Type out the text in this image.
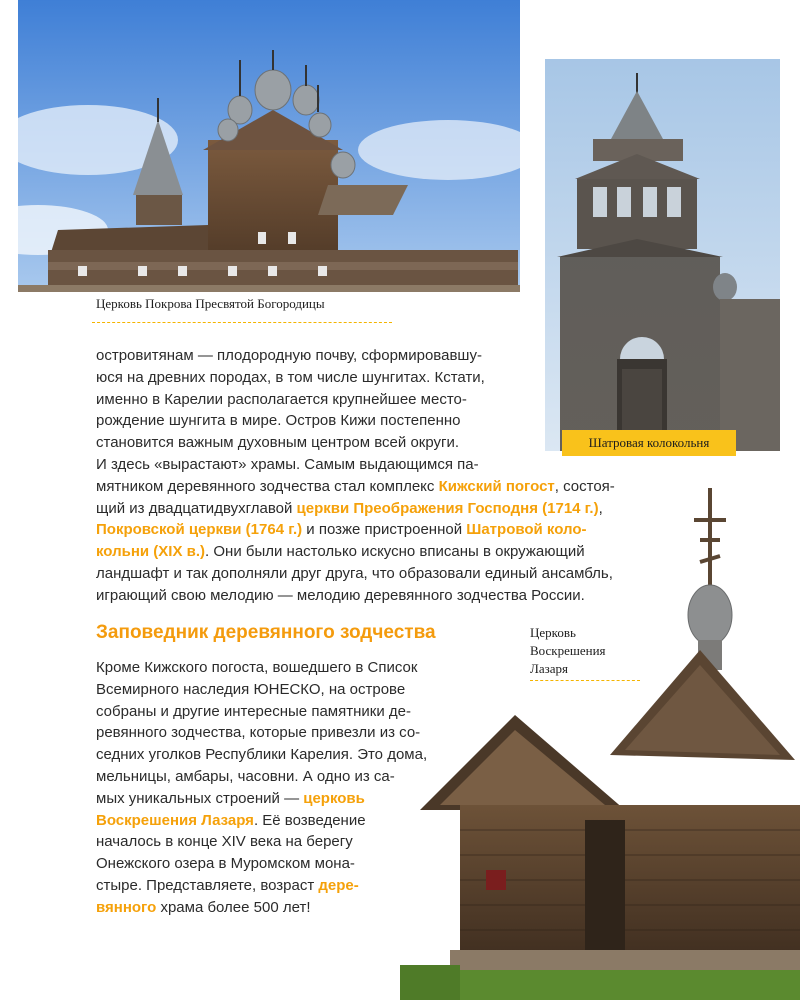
Церковь Покрова Пресвятой Богородицы
Шатровая колокольня
островитянам — плодородную почву, сформировавшу-
юся на древних породах, в том числе шунгитах. Кстати,
именно в Карелии располагается крупнейшее место-
рождение шунгита в мире. Остров Кижи постепенно
становится важным духовным центром всей округи.
И здесь «вырастают» храмы. Самым выдающимся па-
мятником деревянного зодчества стал комплекс Кижский погост, состоя-
щий из двадцатидвухглавой церкви Преображения Господня (1714 г.),
Покровской церкви (1764 г.) и позже пристроенной Шатровой коло-
кольни (XIX в.). Они были настолько искусно вписаны в окружающий
ландшафт и так дополняли друг друга, что образовали единый ансамбль,
играющий свою мелодию — мелодию деревянного зодчества России.
Заповедник деревянного зодчества
Кроме Кижского погоста, вошедшего в Список
Всемирного наследия ЮНЕСКО, на острове
собраны и другие интересные памятники де-
ревянного зодчества, которые привезли из со-
седних уголков Республики Карелия. Это дома,
мельницы, амбары, часовни. А одно из са-
мых уникальных строений — церковь
Воскрешения Лазаря. Её возведение
началось в конце XIV века на берегу
Онежского озера в Муромском мона-
стыре. Представляете, возраст дере-
вянного храма более 500 лет!
Церковь
Воскрешения
Лазаря
